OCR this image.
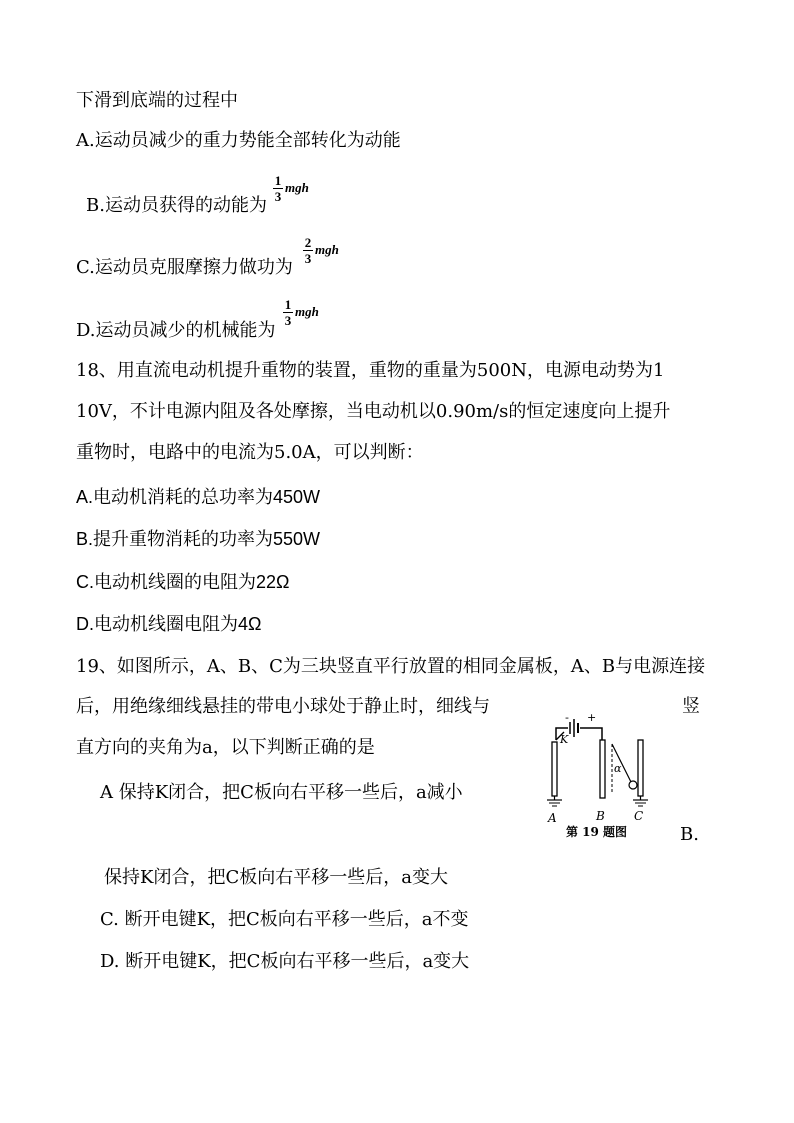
下滑到底端的过程中
A.运动员减少的重力势能全部转化为动能
B.运动员获得的动能为
1
3
mgh
C.运动员克服摩擦力做功为
2
3
mgh
D.运动员减少的机械能为
1
3
mgh
18、用直流电动机提升重物的装置，重物的重量为500N，电源电动势为1
10V，不计电源内阻及各处摩擦，当电动机以0.90m/s的恒定速度向上提升
重物时，电路中的电流为5.0A，可以判断：
A.电动机消耗的总功率为450W
B.提升重物消耗的功率为550W
C.电动机线圈的电阻为22Ω
D.电动机线圈电阻为4Ω
19、如图所示，A、B、C为三块竖直平行放置的相同金属板，A、B与电源连接
后，用绝缘细线悬挂的带电小球处于静止时，细线与	竖
直方向的夹角为a，以下判断正确的是
A 保持K闭合，把C板向右平移一些后，a减小
- +
K
α
A	B C
第 19 题图	B.
保持K闭合，把C板向右平移一些后，a变大
C. 断开电键K，把C板向右平移一些后，a不变
D. 断开电键K，把C板向右平移一些后，a变大
